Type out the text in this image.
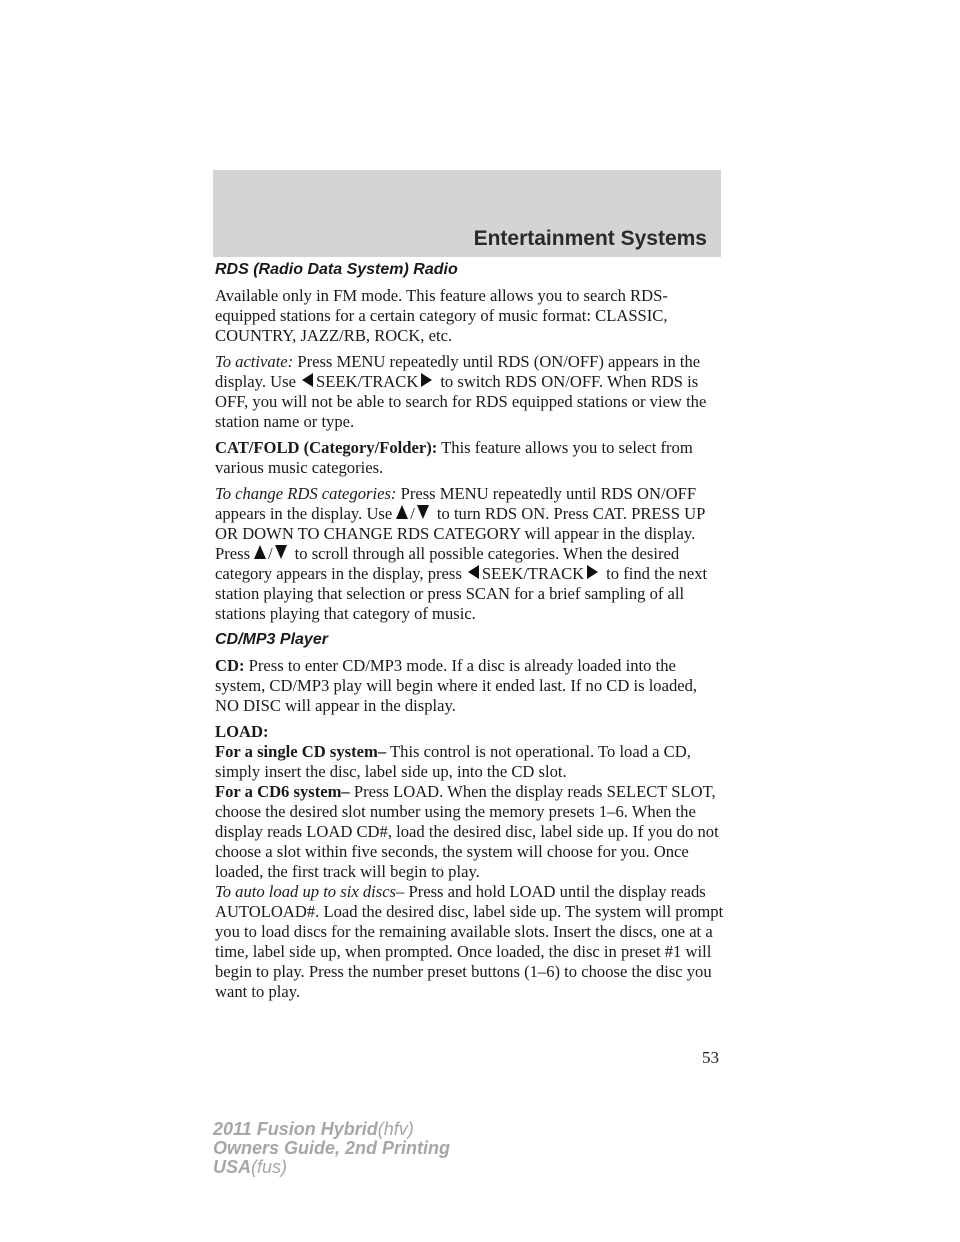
Entertainment Systems
RDS (Radio Data System) Radio

Available only in FM mode. This feature allows you to search RDS-equipped stations for a certain category of music format: CLASSIC, COUNTRY, JAZZ/RB, ROCK, etc.

To activate: Press MENU repeatedly until RDS (ON/OFF) appears in the display. Use SEEK/TRACK to switch RDS ON/OFF. When RDS is OFF, you will not be able to search for RDS equipped stations or view the station name or type.

CAT/FOLD (Category/Folder): This feature allows you to select from various music categories.

To change RDS categories: Press MENU repeatedly until RDS ON/OFF appears in the display. Use / to turn RDS ON. Press CAT. PRESS UP OR DOWN TO CHANGE RDS CATEGORY will appear in the display. Press / to scroll through all possible categories. When the desired category appears in the display, press SEEK/TRACK to find the next station playing that selection or press SCAN for a brief sampling of all stations playing that category of music.

CD/MP3 Player

CD: Press to enter CD/MP3 mode. If a disc is already loaded into the system, CD/MP3 play will begin where it ended last. If no CD is loaded, NO DISC will appear in the display.

LOAD:

For a single CD system– This control is not operational. To load a CD, simply insert the disc, label side up, into the CD slot.

For a CD6 system– Press LOAD. When the display reads SELECT SLOT, choose the desired slot number using the memory presets 1–6. When the display reads LOAD CD#, load the desired disc, label side up. If you do not choose a slot within five seconds, the system will choose for you. Once loaded, the first track will begin to play.

To auto load up to six discs– Press and hold LOAD until the display reads AUTOLOAD#. Load the desired disc, label side up. The system will prompt you to load discs for the remaining available slots. Insert the discs, one at a time, label side up, when prompted. Once loaded, the disc in preset #1 will begin to play. Press the number preset buttons (1–6) to choose the disc you want to play.

53
2011 Fusion Hybrid(hfv)
Owners Guide, 2nd Printing
USA(fus)
